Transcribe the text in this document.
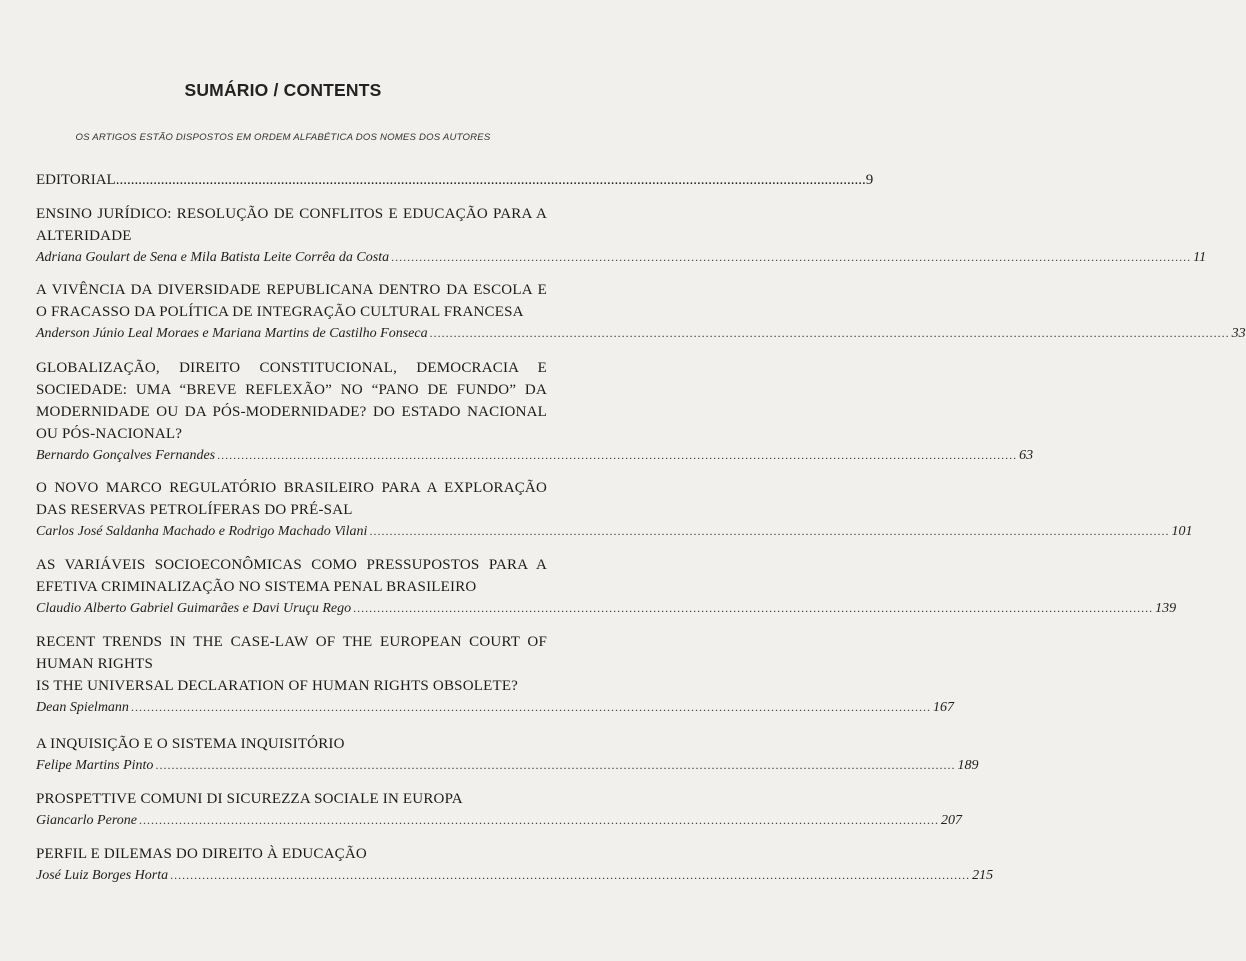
SUMÁRIO / CONTENTS
OS ARTIGOS ESTÃO DISPOSTOS EM ORDEM ALFABÉTICA DOS NOMES DOS AUTORES
EDITORIAL ........................................................................................................................................................................................................ 9
ENSINO JURÍDICO: RESOLUÇÃO DE CONFLITOS E EDUCAÇÃO PARA A ALTERIDADE
Adriana Goulart de Sena e Mila Batista Leite Corrêa da Costa ........................................................................................................................................................................................................ 11
A VIVÊNCIA DA DIVERSIDADE REPUBLICANA DENTRO DA ESCOLA E O FRACASSO DA POLÍTICA DE INTEGRAÇÃO CULTURAL FRANCESA
Anderson Júnio Leal Moraes e Mariana Martins de Castilho Fonseca ........................................................................................................................................................................................................ 33
GLOBALIZAÇÃO, DIREITO CONSTITUCIONAL, DEMOCRACIA E SOCIEDADE: UMA “BREVE REFLEXÃO” NO “PANO DE FUNDO” DA MODERNIDADE OU DA PÓS-MODERNIDADE? DO ESTADO NACIONAL OU PÓS-NACIONAL?
Bernardo Gonçalves Fernandes ........................................................................................................................................................................................................ 63
O NOVO MARCO REGULATÓRIO BRASILEIRO PARA A EXPLORAÇÃO DAS RESERVAS PETROLÍFERAS DO PRÉ-SAL
Carlos José Saldanha Machado e Rodrigo Machado Vilani ........................................................................................................................................................................................................ 101
AS VARIÁVEIS SOCIOECONÔMICAS COMO PRESSUPOSTOS PARA A EFETIVA CRIMINALIZAÇÃO NO SISTEMA PENAL BRASILEIRO
Claudio Alberto Gabriel Guimarães e Davi Uruçu Rego ........................................................................................................................................................................................................ 139
RECENT TRENDS IN THE CASE-LAW OF THE EUROPEAN COURT OF HUMAN RIGHTS
IS THE UNIVERSAL DECLARATION OF HUMAN RIGHTS OBSOLETE?
Dean Spielmann ........................................................................................................................................................................................................ 167
A INQUISIÇÃO E O SISTEMA INQUISITÓRIO
Felipe Martins Pinto ........................................................................................................................................................................................................ 189
PROSPETTIVE COMUNI DI SICUREZZA SOCIALE IN EUROPA
Giancarlo Perone ........................................................................................................................................................................................................ 207
PERFIL E DILEMAS DO DIREITO À EDUCAÇÃO
José Luiz Borges Horta ........................................................................................................................................................................................................ 215
